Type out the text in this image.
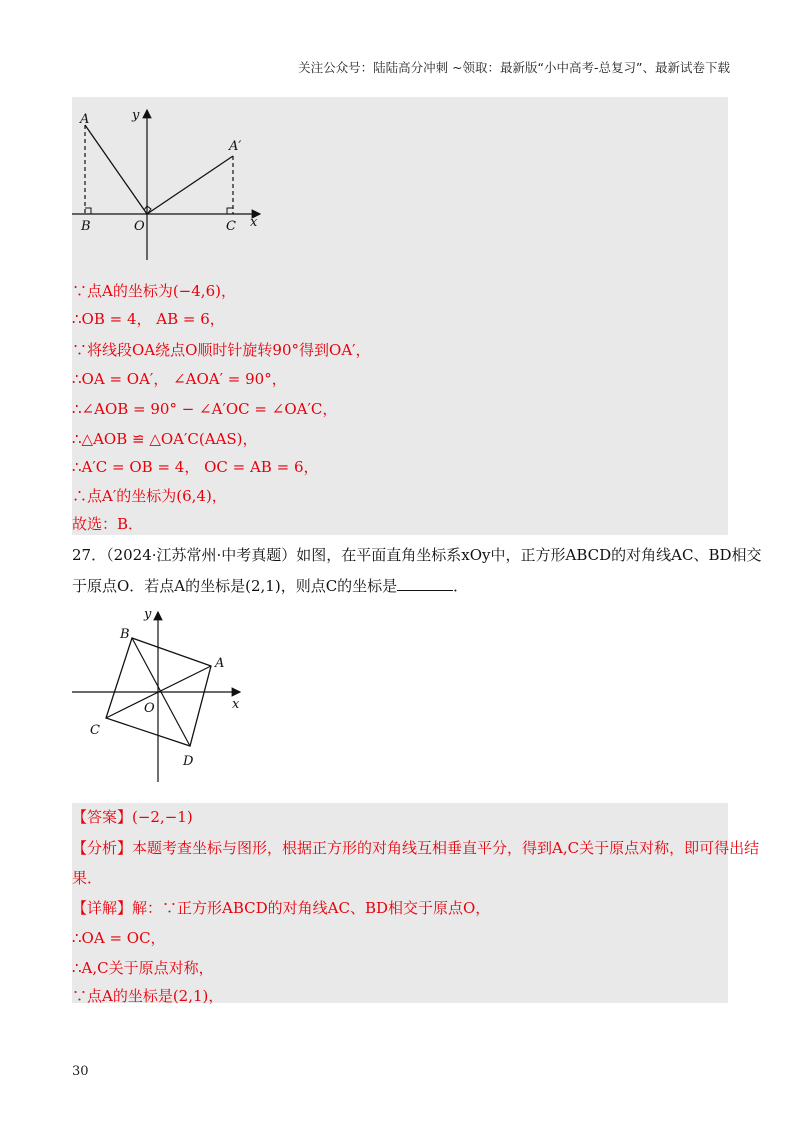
关注公众号：陆陆高分冲刺 ~领取：最新版“小中高考-总复习”、最新试卷下载
A
A′
y
B	O	C x
∵点A的坐标为(−4,6)，
∴OB = 4， AB = 6，
∵将线段OA绕点O顺时针旋转90°得到OA′，
∴OA = OA′， ∠AOA′ = 90°，
∴∠AOB = 90° − ∠A′OC = ∠OA′C，
∴△AOB ≌ △OA′C(AAS)，
∴A′C = OB = 4， OC = AB = 6，
∴点A′的坐标为(6,4)，
故选：B．
27．（2024·江苏常州·中考真题）如图，在平面直角坐标系xOy中，正方形ABCD的对角线AC、BD相交
于原点O．若点A的坐标是(2,1)，则点C的坐标是	．
y
B
A
O	x
C
D
【答案】(−2,−1)
【分析】本题考查坐标与图形，根据正方形的对角线互相垂直平分，得到A,C关于原点对称，即可得出结
果．
【详解】解：∵正方形ABCD的对角线AC、BD相交于原点O，
∴OA = OC，
∴A,C关于原点对称，
∵点A的坐标是(2,1)，
30
